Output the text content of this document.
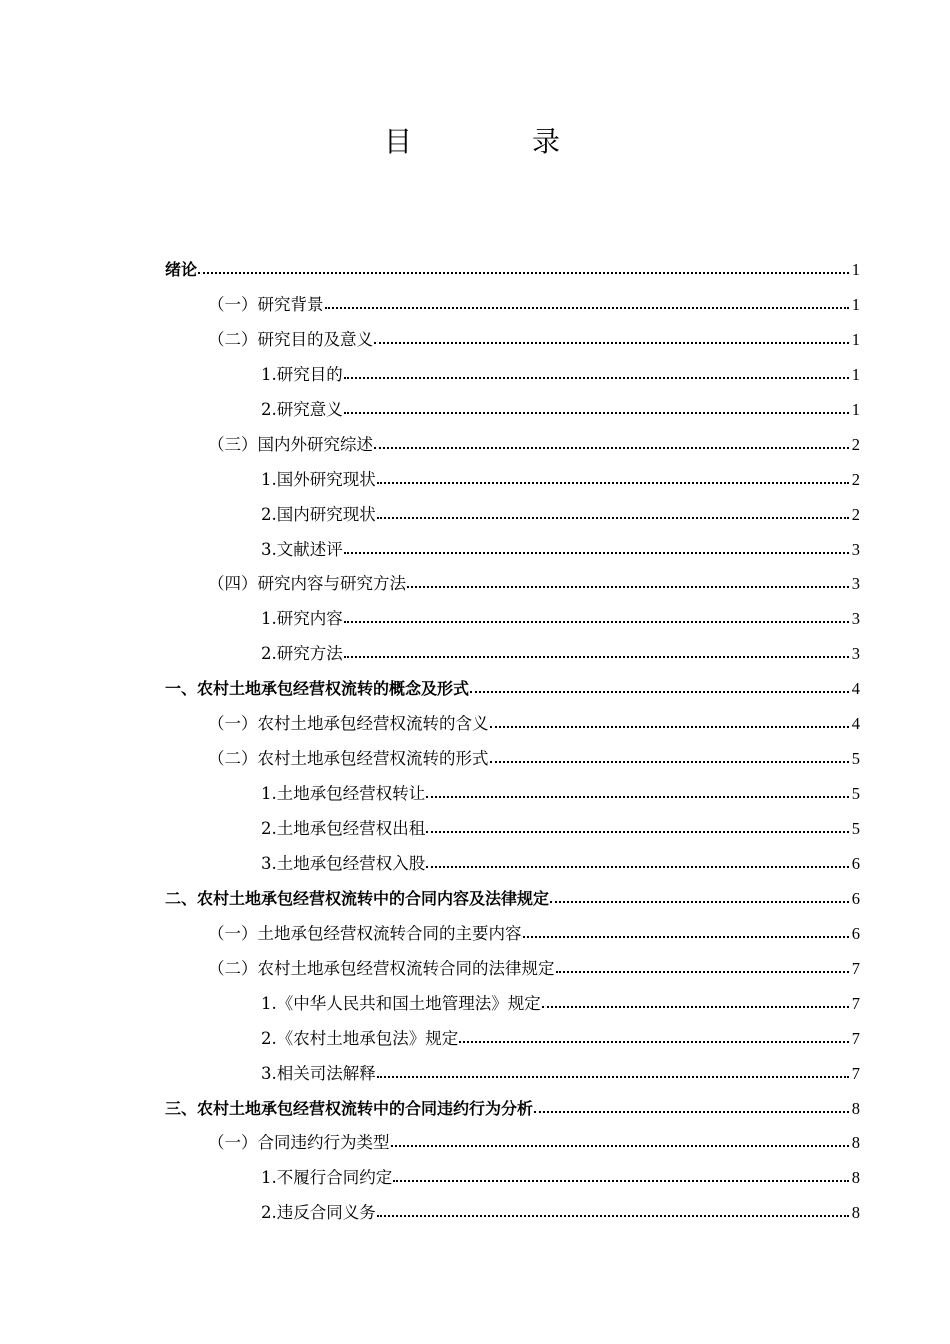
目　录
绪论	1
（一）研究背景	1
（二）研究目的及意义	1
1.研究目的	1
2.研究意义	1
（三）国内外研究综述	2
1.国外研究现状	2
2.国内研究现状	2
3.文献述评	3
（四）研究内容与研究方法	3
1.研究内容	3
2.研究方法	3
一、农村土地承包经营权流转的概念及形式	4
（一）农村土地承包经营权流转的含义	4
（二）农村土地承包经营权流转的形式	5
1.土地承包经营权转让	5
2.土地承包经营权出租	5
3.土地承包经营权入股	6
二、农村土地承包经营权流转中的合同内容及法律规定	6
（一）土地承包经营权流转合同的主要内容	6
（二）农村土地承包经营权流转合同的法律规定	7
1.《中华人民共和国土地管理法》规定	7
2.《农村土地承包法》规定	7
3.相关司法解释	7
三、农村土地承包经营权流转中的合同违约行为分析	8
（一）合同违约行为类型	8
1.不履行合同约定	8
2.违反合同义务	8
